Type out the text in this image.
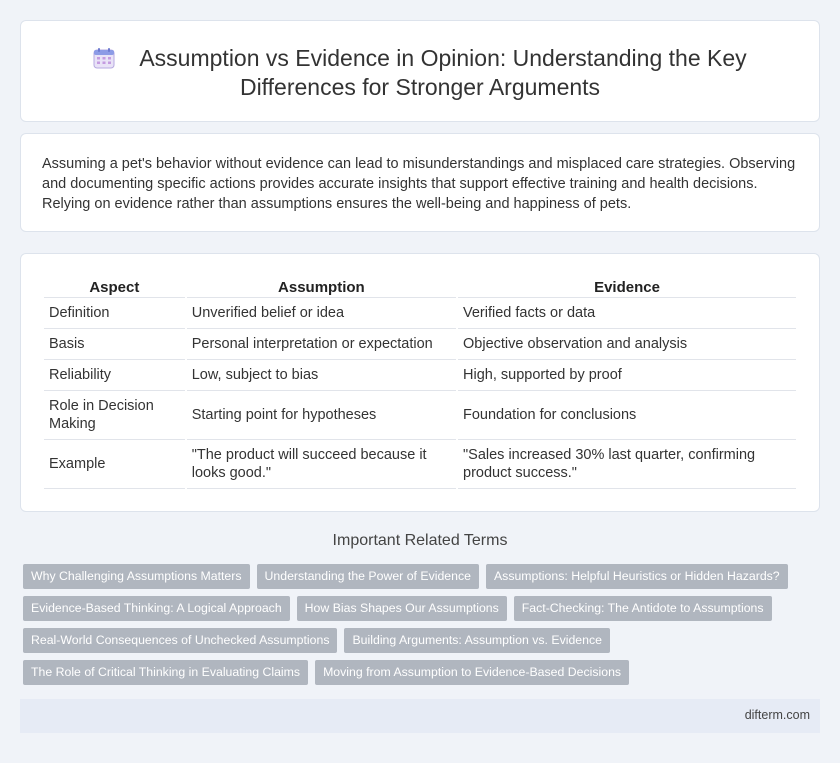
Assumption vs Evidence in Opinion: Understanding the Key Differences for Stronger Arguments

Assuming a pet's behavior without evidence can lead to misunderstandings and misplaced care strategies. Observing and documenting specific actions provides accurate insights that support effective training and health decisions. Relying on evidence rather than assumptions ensures the well-being and happiness of pets.

Aspect	Assumption	Evidence
Definition	Unverified belief or idea	Verified facts or data
Basis	Personal interpretation or expectation	Objective observation and analysis
Reliability	Low, subject to bias	High, supported by proof
Role in Decision Making	Starting point for hypotheses	Foundation for conclusions
Example	"The product will succeed because it looks good."	"Sales increased 30% last quarter, confirming product success."
Important Related Terms
Why Challenging Assumptions Matters	Understanding the Power of Evidence	Assumptions: Helpful Heuristics or Hidden Hazards?
Evidence-Based Thinking: A Logical Approach	How Bias Shapes Our Assumptions	Fact-Checking: The Antidote to Assumptions
Real-World Consequences of Unchecked Assumptions	Building Arguments: Assumption vs. Evidence
The Role of Critical Thinking in Evaluating Claims	Moving from Assumption to Evidence-Based Decisions
difterm.com
